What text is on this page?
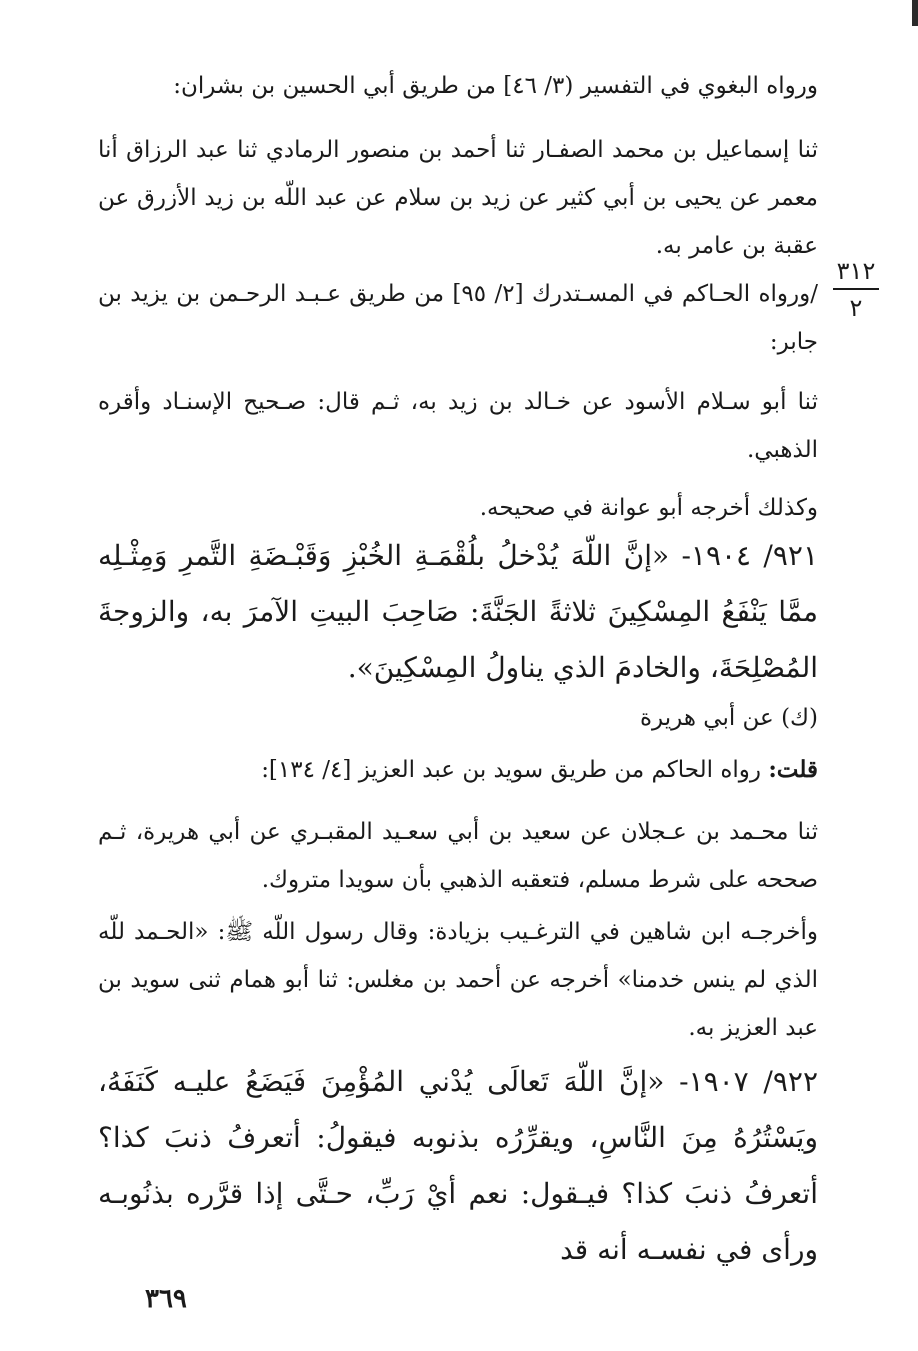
ورواه البغوي في التفسير (٣/ ٤٦] من طريق أبي الحسين بن بشران:
ثنا إسماعيل بن محمد الصفـار ثنا أحمد بن منصور الرمادي ثنا عبد الرزاق أنا معمر عن يحيى بن أبي كثير عن زيد بن سلام عن عبد اللّه بن زيد الأزرق عن عقبة بن عامر به.
/ورواه الحـاكم في المسـتدرك [٢/ ٩٥] من طريق عـبـد الرحـمن بن يزيد بن جابر:
٣١٢
٢
ثنا أبو سـلام الأسود عن خـالد بن زيد به، ثـم قال: صـحيح الإسنـاد وأقره الذهبي.
وكذلك أخرجه أبو عوانة في صحيحه.
٩٢١/ ١٩٠٤- «إنَّ اللّهَ يُدْخلُ بلُقْمَـةِ الخُبْزِ وَقَبْـضَةِ التَّمرِ وَمِثْـلِه ممَّا يَنْفَعُ المِسْكِينَ ثلاثةً الجَنَّةَ: صَاحِبَ البيتِ الآمرَ به، والزوجةَ المُصْلِحَةَ، والخادمَ الذي يناولُ المِسْكِينَ».
(ك) عن أبي هريرة
قلت: رواه الحاكم من طريق سويد بن عبد العزيز [٤/ ١٣٤]:
ثنا محـمد بن عـجلان عن سعيد بن أبي سعـيد المقبـري عن أبي هريرة، ثـم صححه على شرط مسلم، فتعقبه الذهبي بأن سويدا متروك.
وأخرجـه ابن شاهين في الترغـيب بزيادة: وقال رسول اللّه ﷺ: «الحـمد للّه الذي لم ينس خدمنا» أخرجه عن أحمد بن مغلس: ثنا أبو همام ثنى سويد بن عبد العزيز به.
٩٢٢/ ١٩٠٧- «إنَّ اللّهَ تَعالَى يُدْني المُؤْمِنَ فَيَضَعُ عليـه كَنَفَهُ، ويَسْتُرُهُ مِنَ النَّاسِ، ويقرِّرُه بذنوبه فيقولُ: أتعرفُ ذنبَ كذا؟ أتعرفُ ذنبَ كذا؟ فيـقول: نعم أيْ رَبِّ، حـتَّى إذا قرَّره بذنُوبـه ورأى في نفسـه أنه قد
٣٦٩
